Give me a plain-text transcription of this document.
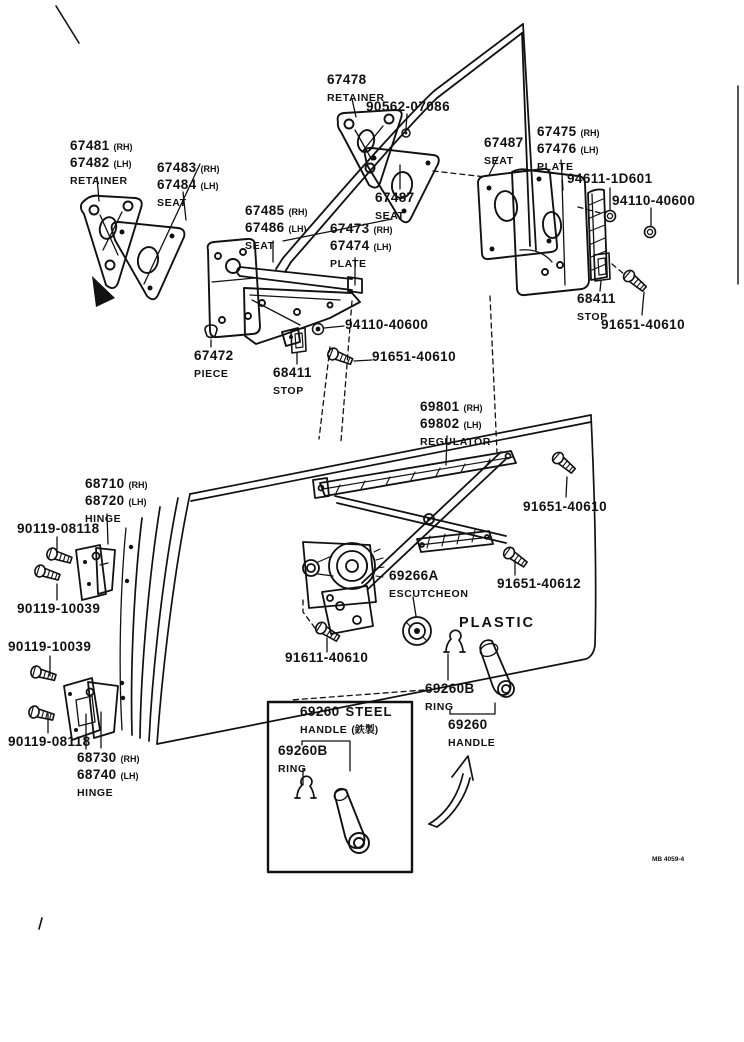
67478
RETAINER
90562-07086
67481 (RH)
67482 (LH)
RETAINER
67483 (RH)
67484 (LH)
SEAT
67485 (RH)
67486 (LH)
SEAT
67473 (RH)
67474 (LH)
PLATE
67487
SEAT
67487
SEAT
67475 (RH)
67476 (LH)
PLATE
94611-1D601
94110-40600
68411
STOP
91651-40610
94110-40600
91651-40610
67472
PIECE	68411
STOP
69801 (RH)
69802 (LH)
REGULATOR
68710 (RH)
68720 (LH)
HINGE
90119-08118
90119-10039
91651-40610
91651-40612
69266A
ESCUTCHEON
PLASTIC
91611-40610
90119-10039
90119-08118
68730 (RH)
68740 (LH)
HINGE
69260B
RING
69260
HANDLE
69260 STEEL
HANDLE (鉄製)
69260B
RING
MB 4059-4
